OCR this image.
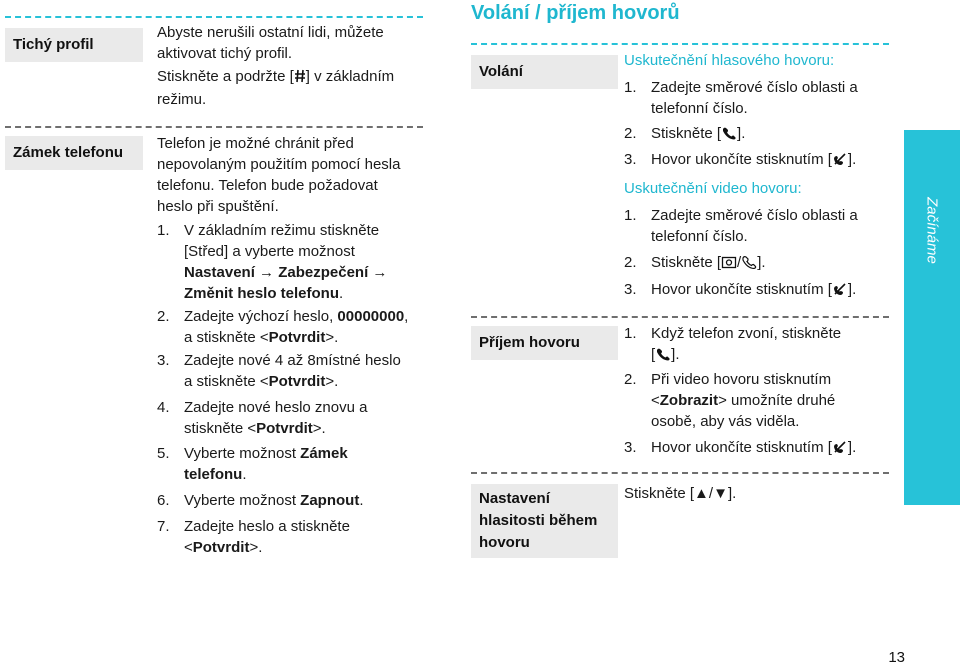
Tichý profil
Abyste nerušili ostatní lidi, můžete
aktivovat tichý profil.
Stiskněte a podržte [ ] v základním
režimu.
Zámek telefonu
Telefon je možné chránit před
nepovolaným použitím pomocí hesla
telefonu. Telefon bude požadovat
heslo při spuštění.
1. V základním režimu stiskněte
[Střed] a vyberte možnost
Nastavení → Zabezpečení →
Změnit heslo telefonu.
2. Zadejte výchozí heslo, 00000000,
a stiskněte <Potvrdit>.
3. Zadejte nové 4 až 8místné heslo
a stiskněte <Potvrdit>.
4. Zadejte nové heslo znovu a
stiskněte <Potvrdit>.
5. Vyberte možnost Zámek
telefonu.
6. Vyberte možnost Zapnout.
7. Zadejte heslo a stiskněte
<Potvrdit>.
Volání / příjem hovorů
Volání
Uskutečnění hlasového hovoru:
1. Zadejte směrové číslo oblasti a
telefonní číslo.
2. Stiskněte [ ].
3. Hovor ukončíte stisknutím [ ].
Uskutečnění video hovoru:
1. Zadejte směrové číslo oblasti a
telefonní číslo.
2. Stiskněte [ / ].
3. Hovor ukončíte stisknutím [ ].
Příjem hovoru
1. Když telefon zvoní, stiskněte
[ ].
2. Při video hovoru stisknutím
<Zobrazit> umožníte druhé
osobě, aby vás viděla.
3. Hovor ukončíte stisknutím [ ].
Nastavení
hlasitosti během
hovoru
Stiskněte [▲/▼].
Začínáme
13
